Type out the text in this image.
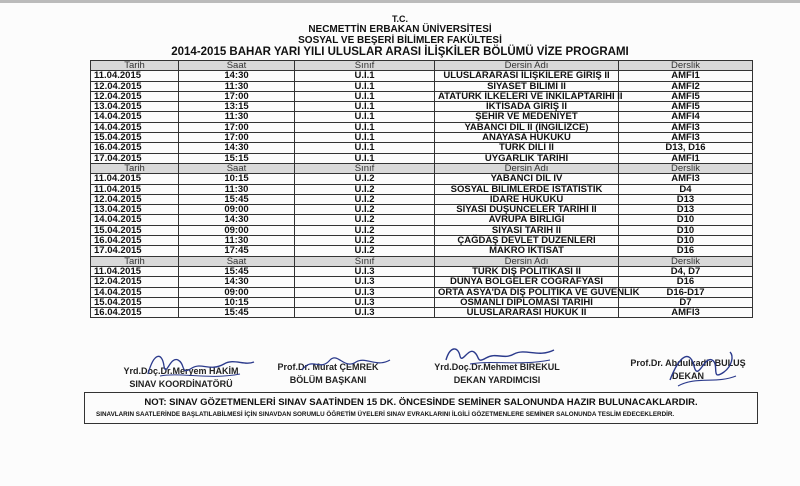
T.C.
NECMETTİN ERBAKAN ÜNİVERSİTESİ
SOSYAL VE BEŞERİ BİLİMLER FAKÜLTESİ
2014-2015 BAHAR YARI YILI ULUSLAR ARASI İLİŞKİLER BÖLÜMÜ VİZE PROGRAMI
Tarih	Saat	Sınıf	Dersin Adı	Derslik
11.04.2015	14:30	U.İ.1	ULUSLARARASI İLİŞKİLERE GİRİŞ II	AMFİ1
12.04.2015	11:30	U.İ.1	SİYASET BİLİMİ II	AMFİ2
12.04.2015	17:00	U.İ.1	ATATÜRK İLKELERİ VE İNKILAPTARİHİ II	AMFİ5
13.04.2015	13:15	U.İ.1	İKTİSADA GİRİŞ II	AMFİ5
14.04.2015	11:30	U.İ.1	ŞEHİR VE MEDENİYET	AMFİ4
14.04.2015	17:00	U.İ.1	YABANCI DİL II (İNGİLİZCE)	AMFİ3
15.04.2015	17:00	U.İ.1	ANAYASA HUKUKU	AMFİ3
16.04.2015	14:30	U.İ.1	TÜRK DİLİ II	D13, D16
17.04.2015	15:15	U.İ.1	UYGARLIK TARİHİ	AMFİ1
Tarih	Saat	Sınıf	Dersin Adı	Derslik
11.04.2015	10:15	U.İ.2	YABANCI DİL IV	AMFİ3
11.04.2015	11:30	U.İ.2	SOSYAL BİLİMLERDE İSTATİSTİK	D4
12.04.2015	15:45	U.İ.2	İDARE HUKUKU	D13
13.04.2015	09:00	U.İ.2	SİYASİ DÜŞÜNCELER TARİHİ II	D13
14.04.2015	14:30	U.İ.2	AVRUPA BİRLİĞİ	D10
15.04.2015	09:00	U.İ.2	SİYASİ TARİH II	D10
16.04.2015	11:30	U.İ.2	ÇAĞDAŞ DEVLET DÜZENLERİ	D10
17.04.2015	17:45	U.İ.2	MAKRO İKTİSAT	D16
Tarih	Saat	Sınıf	Dersin Adı	Derslik
11.04.2015	15:45	U.İ.3	TÜRK DIŞ POLİTİKASI II	D4, D7
12.04.2015	14:30	U.İ.3	DÜNYA BÖLGELER COĞRAFYASI	D16
14.04.2015	09:00	U.İ.3	ORTA ASYA'DA DIŞ POLİTİKA VE GÜVENLİK	D16-D17
15.04.2015	10:15	U.İ.3	OSMANLI DİPLOMASİ TARİHİ	D7
16.04.2015	15:45	U.İ.3	ULUSLARARASI HUKUK II	AMFİ3
Yrd.Doç.Dr.Meryem HAKİM
SINAV KOORDİNATÖRÜ
Prof.Dr. Murat ÇEMREK
BÖLÜM BAŞKANI
Yrd.Doç.Dr.Mehmet BİREKUL
DEKAN YARDIMCISI
Prof.Dr. Abdulkadir BULUŞ
DEKAN
NOT: SINAV GÖZETMENLERİ SINAV SAATİNDEN 15 DK. ÖNCESİNDE SEMİNER SALONUNDA HAZIR BULUNACAKLARDIR.
SINAVLARIN SAATLERİNDE BAŞLATILABİLMESİ İÇİN SINAVDAN SORUMLU ÖĞRETİM ÜYELERİ SINAV EVRAKLARINI İLGİLİ GÖZETMENLERE SEMİNER SALONUNDA TESLİM EDECEKLERDİR.
